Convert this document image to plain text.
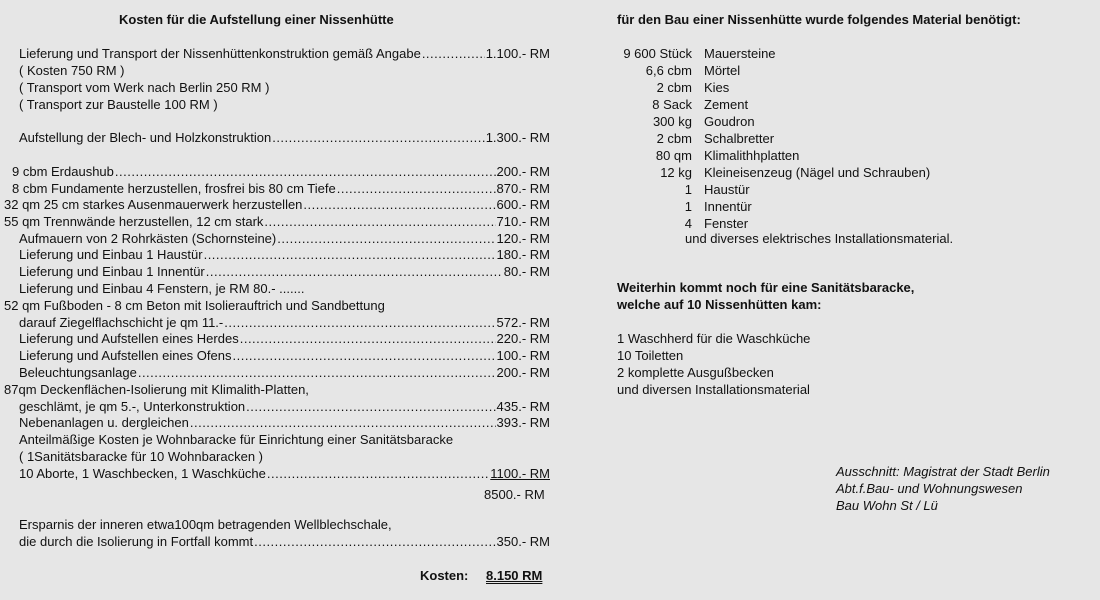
Kosten für die Aufstellung einer Nissenhütte
Lieferung und Transport der Nissenhüttenkonstruktion gemäß Angabe .....	1.100.- RM
( Kosten 750 RM )
( Transport vom Werk nach Berlin 250 RM )
( Transport zur Baustelle 100 RM )
Aufstellung der Blech- und Holzkonstruktion .....	1.300.- RM
9 cbm Erdaushub .....	200.- RM
8 cbm Fundamente herzustellen, frosfrei bis 80 cm Tiefe .....	870.- RM
32 qm 25 cm starkes Ausenmauerwerk herzustellen .....	600.- RM
55 qm Trennwände herzustellen, 12 cm stark .....	710.- RM
Aufmauern von 2 Rohrkästen (Schornsteine) .....	120.- RM
Lieferung und Einbau 1 Haustür .....	180.- RM
Lieferung und Einbau 1 Innentür .....	80.- RM
Lieferung und Einbau 4 Fenstern, je RM 80.- .......
52 qm Fußboden - 8 cm Beton mit Isolierauftrich und Sandbettung
darauf Ziegelflachschicht je qm 11.- .....	572.- RM
Lieferung und Aufstellen eines Herdes .....	220.- RM
Lieferung und Aufstellen eines Ofens .....	100.- RM
Beleuchtungsanlage .....	200.- RM
87qm Deckenflächen-Isolierung mit Klimalith-Platten,
geschlämt, je qm 5.-, Unterkonstruktion .....	435.- RM
Nebenanlagen u. dergleichen .....	393.- RM
Anteilmäßige Kosten je Wohnbaracke für Einrichtung einer Sanitätsbaracke
( 1Sanitätsbaracke für 10 Wohnbaracken )
10 Aborte, 1 Waschbecken, 1 Waschküche .....	1100.- RM
8500.- RM
Ersparnis der inneren etwa100qm betragenden Wellblechschale,
die durch die Isolierung in Fortfall kommt .....	350.- RM
Kosten: 8.150 RM
für den Bau einer Nissenhütte wurde folgendes Material benötigt:
9 600 Stück Mauersteine
6,6 cbm Mörtel
2 cbm Kies
8 Sack Zement
300 kg Goudron
2 cbm Schalbretter
80 qm Klimalithhplatten
12 kg Kleineisenzeug (Nägel und Schrauben)
1 Haustür
1 Innentür
4 Fenster
und diverses elektrisches Installationsmaterial.
Weiterhin kommt noch für eine Sanitätsbaracke,
welche auf 10 Nissenhütten kam:
1 Waschherd für die Waschküche
10 Toiletten
2 komplette Ausgußbecken
und diversen Installationsmaterial
Ausschnitt: Magistrat der Stadt Berlin
Abt.f.Bau- und Wohnungswesen
Bau Wohn St / Lü
